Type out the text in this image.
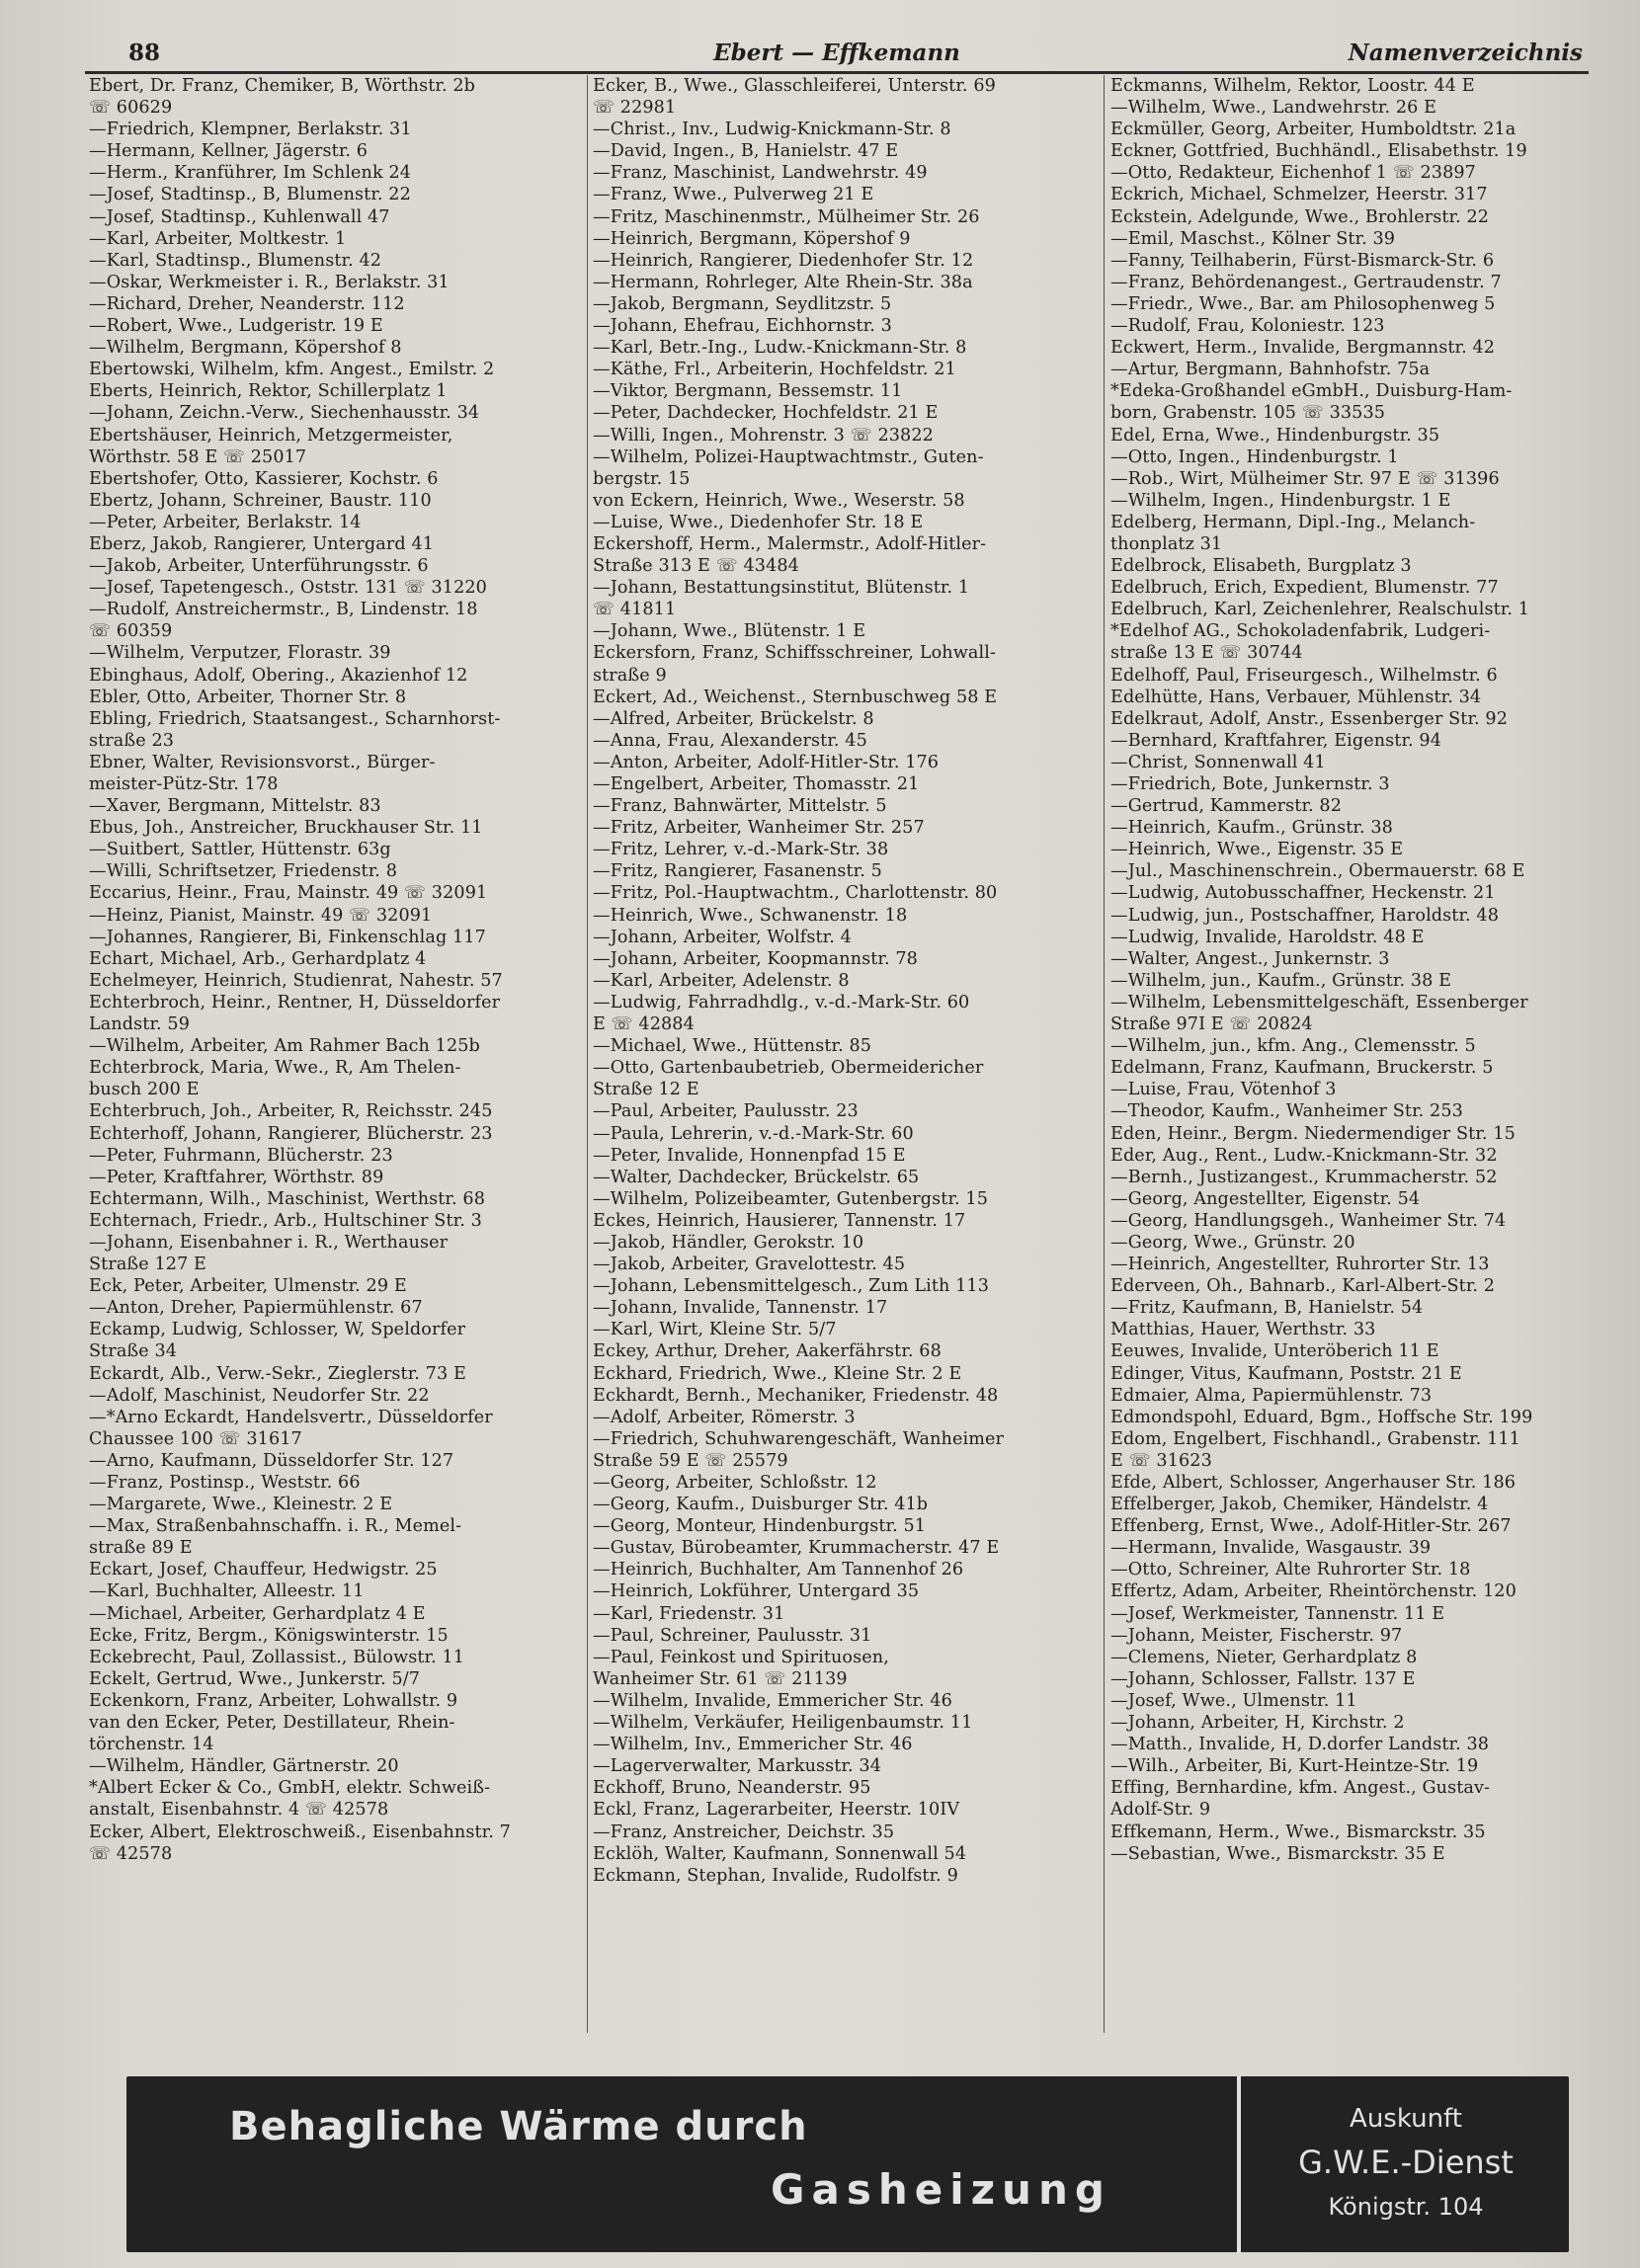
88	Ebert — Effkemann	Namenverzeichnis
Ebert, Dr. Franz, Chemiker, B, Wörthstr. 2b
☏ 60629
—Friedrich, Klempner, Berlakstr. 31
—Hermann, Kellner, Jägerstr. 6
—Herm., Kranführer, Im Schlenk 24
—Josef, Stadtinsp., B, Blumenstr. 22
—Josef, Stadtinsp., Kuhlenwall 47
—Karl, Arbeiter, Moltkestr. 1
—Karl, Stadtinsp., Blumenstr. 42
—Oskar, Werkmeister i. R., Berlakstr. 31
—Richard, Dreher, Neanderstr. 112
—Robert, Wwe., Ludgeristr. 19 E
—Wilhelm, Bergmann, Köpershof 8
Ebertowski, Wilhelm, kfm. Angest., Emilstr. 2
Eberts, Heinrich, Rektor, Schillerplatz 1
—Johann, Zeichn.-Verw., Siechenhausstr. 34
Ebertshäuser, Heinrich, Metzgermeister,
Wörthstr. 58 E ☏ 25017
Ebertshofer, Otto, Kassierer, Kochstr. 6
Ebertz, Johann, Schreiner, Baustr. 110
—Peter, Arbeiter, Berlakstr. 14
Eberz, Jakob, Rangierer, Untergard 41
—Jakob, Arbeiter, Unterführungsstr. 6
—Josef, Tapetengesch., Oststr. 131 ☏ 31220
—Rudolf, Anstreichermstr., B, Lindenstr. 18
☏ 60359
—Wilhelm, Verputzer, Florastr. 39
Ebinghaus, Adolf, Obering., Akazienhof 12
Ebler, Otto, Arbeiter, Thorner Str. 8
Ebling, Friedrich, Staatsangest., Scharnhorst-
straße 23
Ebner, Walter, Revisionsvorst., Bürger-
meister-Pütz-Str. 178
—Xaver, Bergmann, Mittelstr. 83
Ebus, Joh., Anstreicher, Bruckhauser Str. 11
—Suitbert, Sattler, Hüttenstr. 63g
—Willi, Schriftsetzer, Friedenstr. 8
Eccarius, Heinr., Frau, Mainstr. 49 ☏ 32091
—Heinz, Pianist, Mainstr. 49 ☏ 32091
—Johannes, Rangierer, Bi, Finkenschlag 117
Echart, Michael, Arb., Gerhardplatz 4
Echelmeyer, Heinrich, Studienrat, Nahestr. 57
Echterbroch, Heinr., Rentner, H, Düsseldorfer
Landstr. 59
—Wilhelm, Arbeiter, Am Rahmer Bach 125b
Echterbrock, Maria, Wwe., R, Am Thelen-
busch 200 E
Echterbruch, Joh., Arbeiter, R, Reichsstr. 245
Echterhoff, Johann, Rangierer, Blücherstr. 23
—Peter, Fuhrmann, Blücherstr. 23
—Peter, Kraftfahrer, Wörthstr. 89
Echtermann, Wilh., Maschinist, Werthstr. 68
Echternach, Friedr., Arb., Hultschiner Str. 3
—Johann, Eisenbahner i. R., Werthauser
Straße 127 E
Eck, Peter, Arbeiter, Ulmenstr. 29 E
—Anton, Dreher, Papiermühlenstr. 67
Eckamp, Ludwig, Schlosser, W, Speldorfer
Straße 34
Eckardt, Alb., Verw.-Sekr., Zieglerstr. 73 E
—Adolf, Maschinist, Neudorfer Str. 22
—*Arno Eckardt, Handelsvertr., Düsseldorfer
Chaussee 100 ☏ 31617
—Arno, Kaufmann, Düsseldorfer Str. 127
—Franz, Postinsp., Weststr. 66
—Margarete, Wwe., Kleinestr. 2 E
—Max, Straßenbahnschaffn. i. R., Memel-
straße 89 E
Eckart, Josef, Chauffeur, Hedwigstr. 25
—Karl, Buchhalter, Alleestr. 11
—Michael, Arbeiter, Gerhardplatz 4 E
Ecke, Fritz, Bergm., Königswinterstr. 15
Eckebrecht, Paul, Zollassist., Bülowstr. 11
Eckelt, Gertrud, Wwe., Junkerstr. 5/7
Eckenkorn, Franz, Arbeiter, Lohwallstr. 9
van den Ecker, Peter, Destillateur, Rhein-
törchenstr. 14
—Wilhelm, Händler, Gärtnerstr. 20
*Albert Ecker & Co., GmbH, elektr. Schweiß-
anstalt, Eisenbahnstr. 4 ☏ 42578
Ecker, Albert, Elektroschweiß., Eisenbahnstr. 7
☏ 42578
Ecker, B., Wwe., Glasschleiferei, Unterstr. 69
☏ 22981
—Christ., Inv., Ludwig-Knickmann-Str. 8
—David, Ingen., B, Hanielstr. 47 E
—Franz, Maschinist, Landwehrstr. 49
—Franz, Wwe., Pulverweg 21 E
—Fritz, Maschinenmstr., Mülheimer Str. 26
—Heinrich, Bergmann, Köpershof 9
—Heinrich, Rangierer, Diedenhofer Str. 12
—Hermann, Rohrleger, Alte Rhein-Str. 38a
—Jakob, Bergmann, Seydlitzstr. 5
—Johann, Ehefrau, Eichhornstr. 3
—Karl, Betr.-Ing., Ludw.-Knickmann-Str. 8
—Käthe, Frl., Arbeiterin, Hochfeldstr. 21
—Viktor, Bergmann, Bessemstr. 11
—Peter, Dachdecker, Hochfeldstr. 21 E
—Willi, Ingen., Mohrenstr. 3 ☏ 23822
—Wilhelm, Polizei-Hauptwachtmstr., Guten-
bergstr. 15
von Eckern, Heinrich, Wwe., Weserstr. 58
—Luise, Wwe., Diedenhofer Str. 18 E
Eckershoff, Herm., Malermstr., Adolf-Hitler-
Straße 313 E ☏ 43484
—Johann, Bestattungsinstitut, Blütenstr. 1
☏ 41811
—Johann, Wwe., Blütenstr. 1 E
Eckersforn, Franz, Schiffsschreiner, Lohwall-
straße 9
Eckert, Ad., Weichenst., Sternbuschweg 58 E
—Alfred, Arbeiter, Brückelstr. 8
—Anna, Frau, Alexanderstr. 45
—Anton, Arbeiter, Adolf-Hitler-Str. 176
—Engelbert, Arbeiter, Thomasstr. 21
—Franz, Bahnwärter, Mittelstr. 5
—Fritz, Arbeiter, Wanheimer Str. 257
—Fritz, Lehrer, v.-d.-Mark-Str. 38
—Fritz, Rangierer, Fasanenstr. 5
—Fritz, Pol.-Hauptwachtm., Charlottenstr. 80
—Heinrich, Wwe., Schwanenstr. 18
—Johann, Arbeiter, Wolfstr. 4
—Johann, Arbeiter, Koopmannstr. 78
—Karl, Arbeiter, Adelenstr. 8
—Ludwig, Fahrradhdlg., v.-d.-Mark-Str. 60
E ☏ 42884
—Michael, Wwe., Hüttenstr. 85
—Otto, Gartenbaubetrieb, Obermeidericher
Straße 12 E
—Paul, Arbeiter, Paulusstr. 23
—Paula, Lehrerin, v.-d.-Mark-Str. 60
—Peter, Invalide, Honnenpfad 15 E
—Walter, Dachdecker, Brückelstr. 65
—Wilhelm, Polizeibeamter, Gutenbergstr. 15
Eckes, Heinrich, Hausierer, Tannenstr. 17
—Jakob, Händler, Gerokstr. 10
—Jakob, Arbeiter, Gravelottestr. 45
—Johann, Lebensmittelgesch., Zum Lith 113
—Johann, Invalide, Tannenstr. 17
—Karl, Wirt, Kleine Str. 5/7
Eckey, Arthur, Dreher, Aakerfährstr. 68
Eckhard, Friedrich, Wwe., Kleine Str. 2 E
Eckhardt, Bernh., Mechaniker, Friedenstr. 48
—Adolf, Arbeiter, Römerstr. 3
—Friedrich, Schuhwarengeschäft, Wanheimer
Straße 59 E ☏ 25579
—Georg, Arbeiter, Schloßstr. 12
—Georg, Kaufm., Duisburger Str. 41b
—Georg, Monteur, Hindenburgstr. 51
—Gustav, Bürobeamter, Krummacherstr. 47 E
—Heinrich, Buchhalter, Am Tannenhof 26
—Heinrich, Lokführer, Untergard 35
—Karl, Friedenstr. 31
—Paul, Schreiner, Paulusstr. 31
—Paul, Feinkost und Spirituosen,
Wanheimer Str. 61 ☏ 21139
—Wilhelm, Invalide, Emmericher Str. 46
—Wilhelm, Verkäufer, Heiligenbaumstr. 11
—Wilhelm, Inv., Emmericher Str. 46
—Lagerverwalter, Markusstr. 34
Eckhoff, Bruno, Neanderstr. 95
Eckl, Franz, Lagerarbeiter, Heerstr. 10IV
—Franz, Anstreicher, Deichstr. 35
Ecklöh, Walter, Kaufmann, Sonnenwall 54
Eckmann, Stephan, Invalide, Rudolfstr. 9
Eckmanns, Wilhelm, Rektor, Loostr. 44 E
—Wilhelm, Wwe., Landwehrstr. 26 E
Eckmüller, Georg, Arbeiter, Humboldtstr. 21a
Eckner, Gottfried, Buchhändl., Elisabethstr. 19
—Otto, Redakteur, Eichenhof 1 ☏ 23897
Eckrich, Michael, Schmelzer, Heerstr. 317
Eckstein, Adelgunde, Wwe., Brohlerstr. 22
—Emil, Maschst., Kölner Str. 39
—Fanny, Teilhaberin, Fürst-Bismarck-Str. 6
—Franz, Behördenangest., Gertraudenstr. 7
—Friedr., Wwe., Bar. am Philosophenweg 5
—Rudolf, Frau, Koloniestr. 123
Eckwert, Herm., Invalide, Bergmannstr. 42
—Artur, Bergmann, Bahnhofstr. 75a
*Edeka-Großhandel eGmbH., Duisburg-Ham-
born, Grabenstr. 105 ☏ 33535
Edel, Erna, Wwe., Hindenburgstr. 35
—Otto, Ingen., Hindenburgstr. 1
—Rob., Wirt, Mülheimer Str. 97 E ☏ 31396
—Wilhelm, Ingen., Hindenburgstr. 1 E
Edelberg, Hermann, Dipl.-Ing., Melanch-
thonplatz 31
Edelbrock, Elisabeth, Burgplatz 3
Edelbruch, Erich, Expedient, Blumenstr. 77
Edelbruch, Karl, Zeichenlehrer, Realschulstr. 1
*Edelhof AG., Schokoladenfabrik, Ludgeri-
straße 13 E ☏ 30744
Edelhoff, Paul, Friseurgesch., Wilhelmstr. 6
Edelhütte, Hans, Verbauer, Mühlenstr. 34
Edelkraut, Adolf, Anstr., Essenberger Str. 92
—Bernhard, Kraftfahrer, Eigenstr. 94
—Christ, Sonnenwall 41
—Friedrich, Bote, Junkernstr. 3
—Gertrud, Kammerstr. 82
—Heinrich, Kaufm., Grünstr. 38
—Heinrich, Wwe., Eigenstr. 35 E
—Jul., Maschinenschrein., Obermauerstr. 68 E
—Ludwig, Autobusschaffner, Heckenstr. 21
—Ludwig, jun., Postschaffner, Haroldstr. 48
—Ludwig, Invalide, Haroldstr. 48 E
—Walter, Angest., Junkernstr. 3
—Wilhelm, jun., Kaufm., Grünstr. 38 E
—Wilhelm, Lebensmittelgeschäft, Essenberger
Straße 97I E ☏ 20824
—Wilhelm, jun., kfm. Ang., Clemensstr. 5
Edelmann, Franz, Kaufmann, Bruckerstr. 5
—Luise, Frau, Vötenhof 3
—Theodor, Kaufm., Wanheimer Str. 253
Eden, Heinr., Bergm. Niedermendiger Str. 15
Eder, Aug., Rent., Ludw.-Knickmann-Str. 32
—Bernh., Justizangest., Krummacherstr. 52
—Georg, Angestellter, Eigenstr. 54
—Georg, Handlungsgeh., Wanheimer Str. 74
—Georg, Wwe., Grünstr. 20
—Heinrich, Angestellter, Ruhrorter Str. 13
Ederveen, Oh., Bahnarb., Karl-Albert-Str. 2
—Fritz, Kaufmann, B, Hanielstr. 54
Matthias, Hauer, Werthstr. 33
Eeuwes, Invalide, Unteröberich 11 E
Edinger, Vitus, Kaufmann, Poststr. 21 E
Edmaier, Alma, Papiermühlenstr. 73
Edmondspohl, Eduard, Bgm., Hoffsche Str. 199
Edom, Engelbert, Fischhandl., Grabenstr. 111
E ☏ 31623
Efde, Albert, Schlosser, Angerhauser Str. 186
Effelberger, Jakob, Chemiker, Händelstr. 4
Effenberg, Ernst, Wwe., Adolf-Hitler-Str. 267
—Hermann, Invalide, Wasgaustr. 39
—Otto, Schreiner, Alte Ruhrorter Str. 18
Effertz, Adam, Arbeiter, Rheintörchenstr. 120
—Josef, Werkmeister, Tannenstr. 11 E
—Johann, Meister, Fischerstr. 97
—Clemens, Nieter, Gerhardplatz 8
—Johann, Schlosser, Fallstr. 137 E
—Josef, Wwe., Ulmenstr. 11
—Johann, Arbeiter, H, Kirchstr. 2
—Matth., Invalide, H, D.dorfer Landstr. 38
—Wilh., Arbeiter, Bi, Kurt-Heintze-Str. 19
Effing, Bernhardine, kfm. Angest., Gustav-
Adolf-Str. 9
Effkemann, Herm., Wwe., Bismarckstr. 35
—Sebastian, Wwe., Bismarckstr. 35 E
Behagliche Wärme durch
Gasheizung
Auskunft
G.W.E.-Dienst
Königstr. 104
